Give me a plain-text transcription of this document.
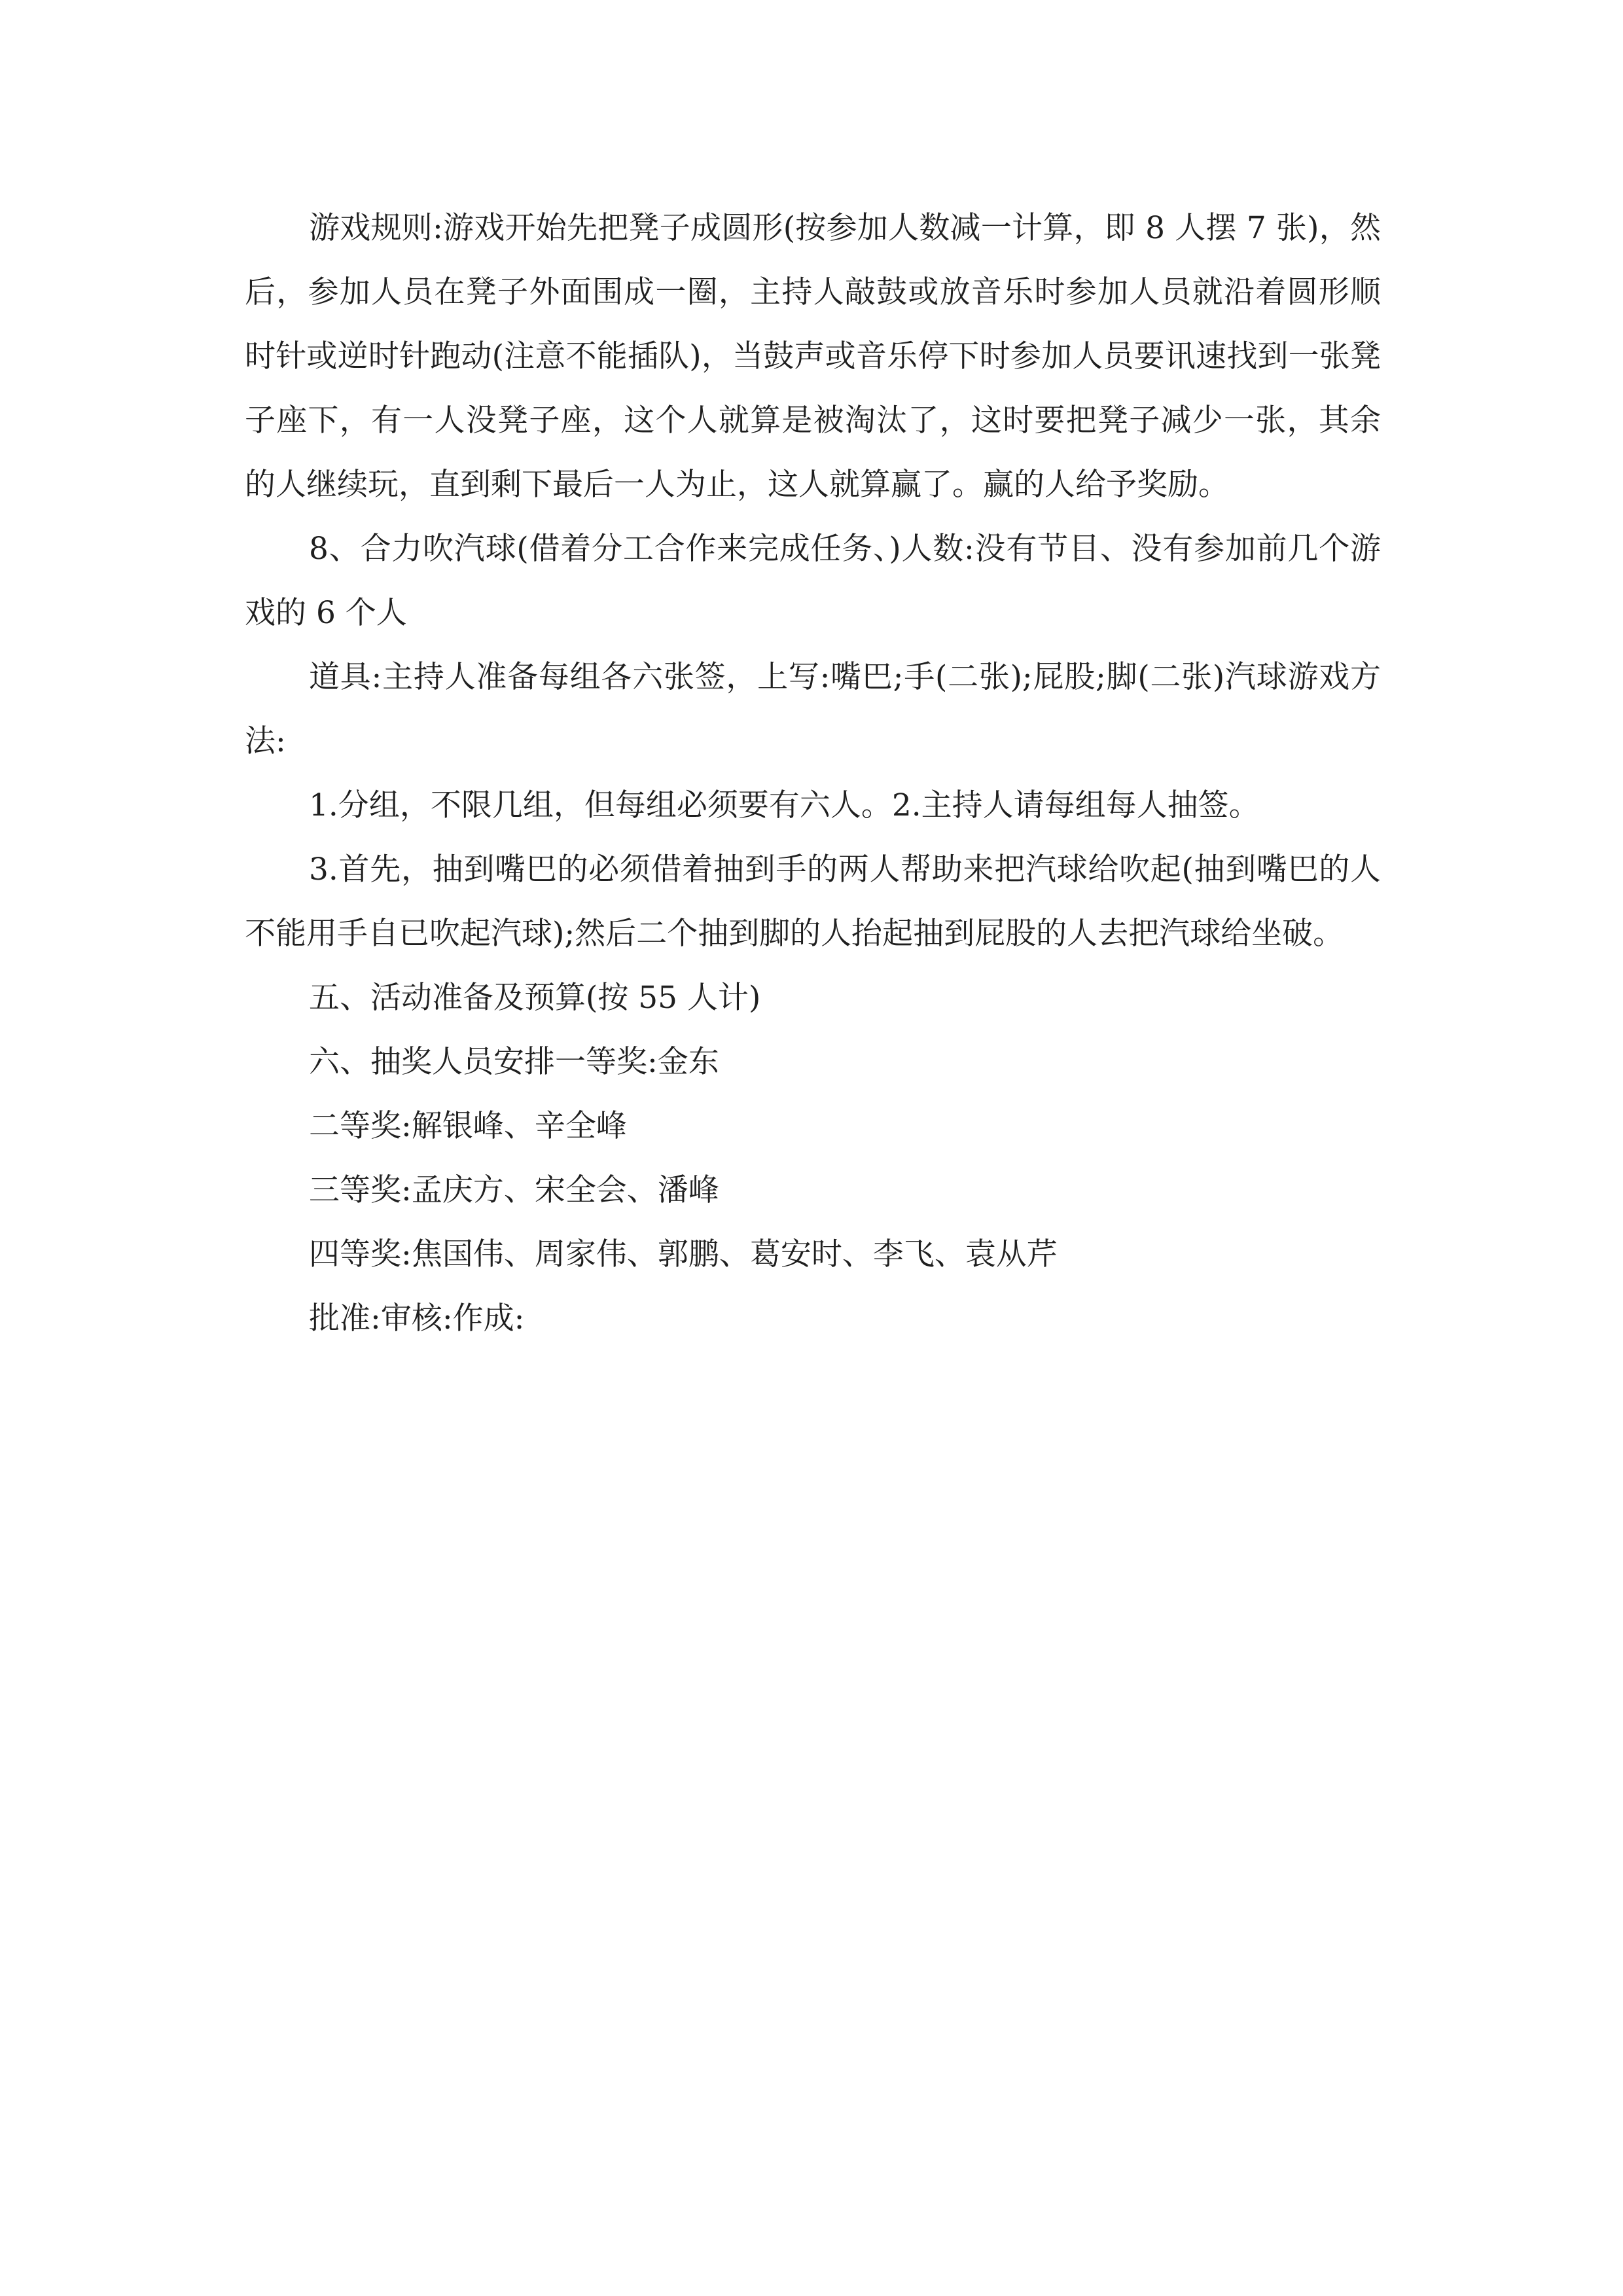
游戏规则:游戏开始先把凳子成圆形(按参加人数减一计算，即 8 人摆 7 张)，然后，参加人员在凳子外面围成一圈，主持人敲鼓或放音乐时参加人员就沿着圆形顺时针或逆时针跑动(注意不能插队)，当鼓声或音乐停下时参加人员要讯速找到一张凳子座下，有一人没凳子座，这个人就算是被淘汰了，这时要把凳子减少一张，其余的人继续玩，直到剩下最后一人为止，这人就算赢了。赢的人给予奖励。

8、合力吹汽球(借着分工合作来完成任务、)人数:没有节目、没有参加前几个游戏的 6 个人

道具:主持人准备每组各六张签，上写:嘴巴;手(二张);屁股;脚(二张)汽球游戏方法:

1.分组，不限几组，但每组必须要有六人。2.主持人请每组每人抽签。

3.首先，抽到嘴巴的必须借着抽到手的两人帮助来把汽球给吹起(抽到嘴巴的人不能用手自已吹起汽球);然后二个抽到脚的人抬起抽到屁股的人去把汽球给坐破。

五、活动准备及预算(按 55 人计)

六、抽奖人员安排一等奖:金东

二等奖:解银峰、辛全峰

三等奖:孟庆方、宋全会、潘峰

四等奖:焦国伟、周家伟、郭鹏、葛安时、李飞、袁从芹

批准:审核:作成:
